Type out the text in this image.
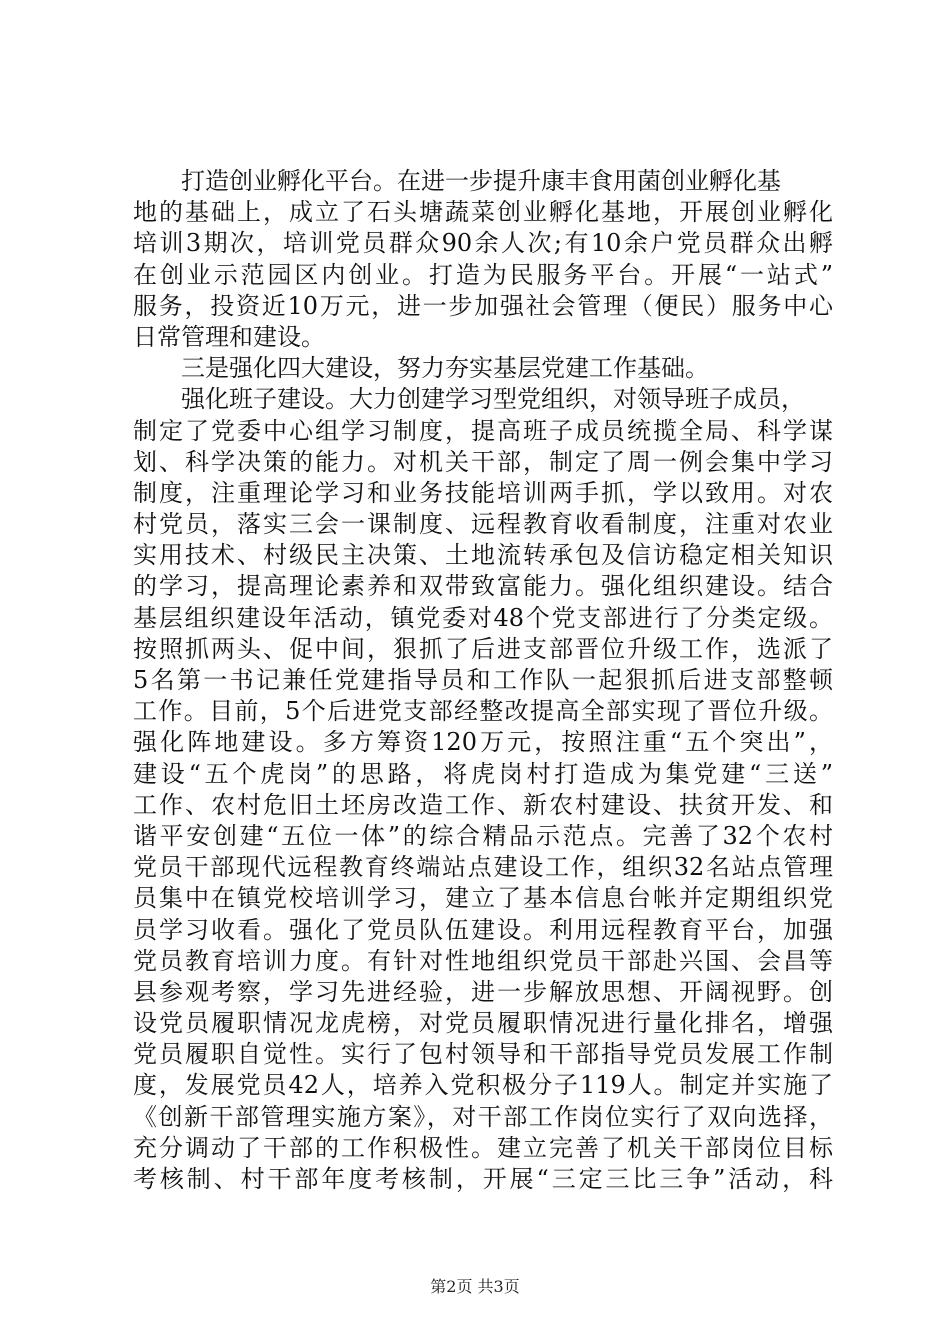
打造创业孵化平台。在进一步提升康丰食用菌创业孵化基
地的基础上，成立了石头塘蔬菜创业孵化基地，开展创业孵化
培训3期次，培训党员群众90余人次;有10余户党员群众出孵
在创业示范园区内创业。打造为民服务平台。开展“一站式”
服务，投资近10万元，进一步加强社会管理（便民）服务中心
日常管理和建设。
三是强化四大建设，努力夯实基层党建工作基础。
强化班子建设。大力创建学习型党组织，对领导班子成员，
制定了党委中心组学习制度，提高班子成员统揽全局、科学谋
划、科学决策的能力。对机关干部，制定了周一例会集中学习
制度，注重理论学习和业务技能培训两手抓，学以致用。对农
村党员，落实三会一课制度、远程教育收看制度，注重对农业
实用技术、村级民主决策、土地流转承包及信访稳定相关知识
的学习，提高理论素养和双带致富能力。强化组织建设。结合
基层组织建设年活动，镇党委对48个党支部进行了分类定级。
按照抓两头、促中间，狠抓了后进支部晋位升级工作，选派了
5名第一书记兼任党建指导员和工作队一起狠抓后进支部整顿
工作。目前，5个后进党支部经整改提高全部实现了晋位升级。
强化阵地建设。多方筹资120万元，按照注重“五个突出”，
建设“五个虎岗”的思路，将虎岗村打造成为集党建“三送”
工作、农村危旧土坯房改造工作、新农村建设、扶贫开发、和
谐平安创建“五位一体”的综合精品示范点。完善了32个农村
党员干部现代远程教育终端站点建设工作，组织32名站点管理
员集中在镇党校培训学习，建立了基本信息台帐并定期组织党
员学习收看。强化了党员队伍建设。利用远程教育平台，加强
党员教育培训力度。有针对性地组织党员干部赴兴国、会昌等
县参观考察，学习先进经验，进一步解放思想、开阔视野。创
设党员履职情况龙虎榜，对党员履职情况进行量化排名，增强
党员履职自觉性。实行了包村领导和干部指导党员发展工作制
度，发展党员42人，培养入党积极分子119人。制定并实施了
《创新干部管理实施方案》，对干部工作岗位实行了双向选择，
充分调动了干部的工作积极性。建立完善了机关干部岗位目标
考核制、村干部年度考核制，开展“三定三比三争”活动，科
第2页 共3页
